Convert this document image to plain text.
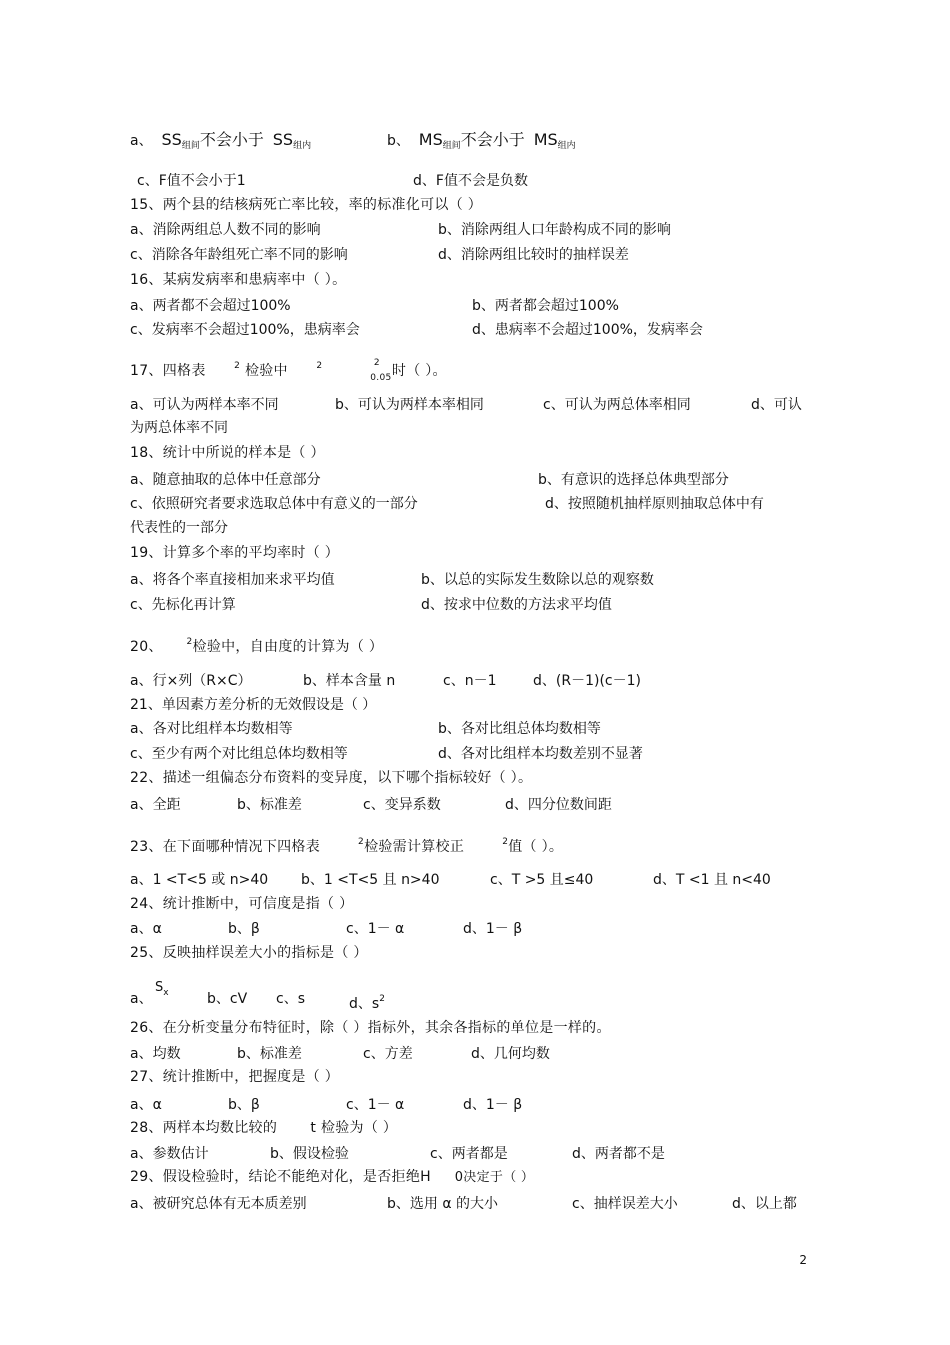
a、 $SS_{组间}$不会小于 $SS_{组内}$	b、 $MS_{组间}$不会小于 $MS_{组内}$
c、F值不会小于1	d、F值不会是负数
15、两个县的结核病死亡率比较，率的标准化可以（ ）
a、消除两组总人数不同的影响	b、消除两组人口年龄构成不同的影响
c、消除各年龄组死亡率不同的影响	d、消除两组比较时的抽样误差
16、某病发病率和患病率中（ ）。
a、两者都不会超过100%	b、两者都会超过100%
c、发病率不会超过100%，患病率会	d、患病率不会超过100%，发病率会
17、四格表	$^2$ 检验中	$^2$	2
$_{0.05}$时（ ）。
a、可认为两样本率不同	b、可认为两样本率相同	c、可认为两总体率相同	d、可认
为两总体率不同
18、统计中所说的样本是（ ）
a、随意抽取的总体中任意部分	b、有意识的选择总体典型部分
c、依照研究者要求选取总体中有意义的一部分	d、按照随机抽样原则抽取总体中有
代表性的一部分
19、计算多个率的平均率时（ ）
a、将各个率直接相加来求平均值	b、以总的实际发生数除以总的观察数
c、先标化再计算	d、按求中位数的方法求平均值
20、	$^2$检验中，自由度的计算为（ ）
a、行×列（R×C）	b、样本含量 n	c、n－1	d、(R－1)(c－1)
21、单因素方差分析的无效假设是（ ）
a、各对比组样本均数相等	b、各对比组总体均数相等
c、至少有两个对比组总体均数相等	d、各对比组样本均数差别不显著
22、描述一组偏态分布资料的变异度，以下哪个指标较好（ ）。
a、全距	b、标准差	c、变异系数	d、四分位数间距
23、在下面哪种情况下四格表	$^2$检验需计算校正	$^2$值（ ）。
a、1 <T<5 或 n>40 b、1 <T<5 且 n>40	c、T >5 且≤40	d、T <1 且 n<40
24、统计推断中，可信度是指（ ）
a、α	b、β	c、1－ α	d、1－ β
25、反映抽样误差大小的指标是（ ）
a、
$S_x$	b、cV c、s	d、$s^2$
26、在分析变量分布特征时，除（ ）指标外，其余各指标的单位是一样的。
a、均数	b、标准差	c、方差	d、几何均数
27、统计推断中，把握度是（ ）
a、α	b、β	c、1－ α	d、1－ β
28、两样本均数比较的 t 检验为（ ）
a、参数估计	b、假设检验	c、两者都是	d、两者都不是
29、假设检验时，结论不能绝对化，是否拒绝H 0决定于（ ）
a、被研究总体有无本质差别	b、选用 α 的大小	c、抽样误差大小	d、以上都
2
